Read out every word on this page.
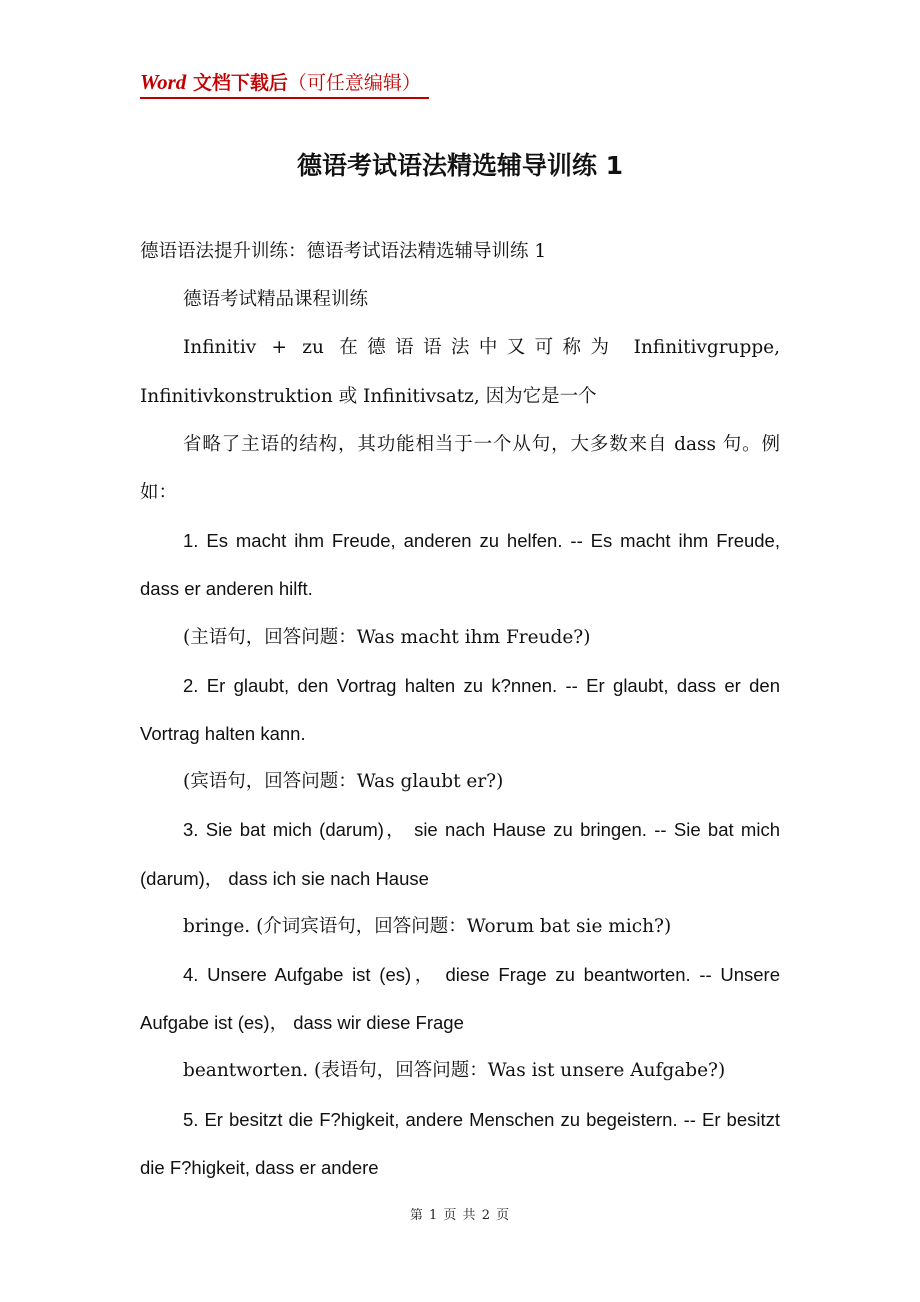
Word 文档下载后（可任意编辑）
德语考试语法精选辅导训练 1

德语语法提升训练：德语考试语法精选辅导训练 1

德语考试精品课程训练

Infinitiv + zu 在德语语法中又可称为 Infinitivgruppe, Infinitivkonstruktion 或 Infinitivsatz, 因为它是一个

省略了主语的结构，其功能相当于一个从句，大多数来自 dass 句。例如：

1. Es macht ihm Freude, anderen zu helfen. -- Es macht ihm Freude, dass er anderen hilft.

(主语句，回答问题：Was macht ihm Freude?)

2. Er glaubt, den Vortrag halten zu k?nnen. -- Er glaubt, dass er den Vortrag halten kann.

(宾语句，回答问题：Was glaubt er?)

3. Sie bat mich (darum)， sie nach Hause zu bringen. -- Sie bat mich (darum)， dass ich sie nach Hause

bringe. (介词宾语句，回答问题：Worum bat sie mich?)

4. Unsere Aufgabe ist (es)， diese Frage zu beantworten. -- Unsere Aufgabe ist (es)， dass wir diese Frage

beantworten. (表语句，回答问题：Was ist unsere Aufgabe?)

5. Er besitzt die F?higkeit, andere Menschen zu begeistern. -- Er besitzt die F?higkeit, dass er andere

第 1 页 共 2 页
